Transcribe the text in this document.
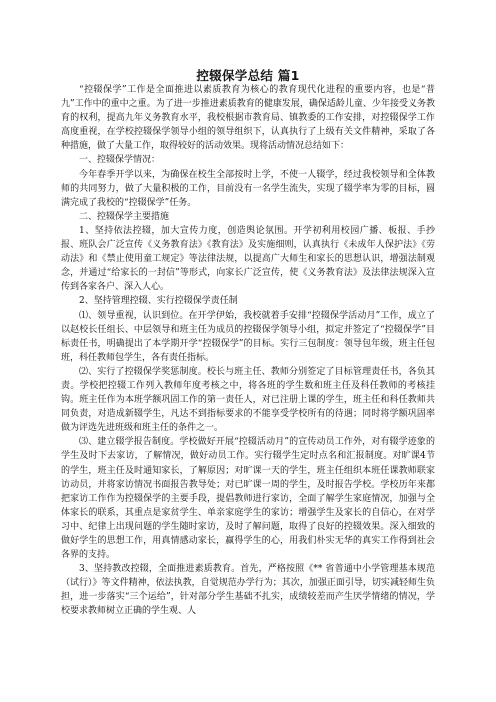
控辍保学总结 篇1

“控辍保学”工作是全面推进以素质教育为核心的教育现代化进程的重要内容，也是“普九”工作中的重中之重。为了进一步推进素质教育的健康发展，确保适龄儿童、少年接受义务教育的权利，提高九年义务教育水平，我校根据市教育局、镇教委的工作安排，对控辍保学工作高度重视，在学校控辍保学领导小组的领导组织下，认真执行了上级有关文件精神，采取了各种措施，做了大量工作，取得较好的活动效果。现将活动情况总结如下：

一、控辍保学情况：

今年春季开学以来，为确保在校生全部按时上学，不使一人辍学，经过我校领导和全体教师的共同努力，做了大量积极的工作，目前没有一名学生流失，实现了辍学率为零的目标，圆满完成了我校的“控辍保学”任务。

二、控辍保学主要措施

1、坚持依法控辍，加大宣传力度，创造舆论氛围。开学初利用校园广播、板报、手抄报、班队会广泛宣传《义务教育法》《教育法》及实施细则，认真执行《未成年人保护法》《劳动法》和《禁止使用童工规定》等法律法规，以提高广大师生和家长的思想认识，增强法制观念，并通过“给家长的一封信”等形式，向家长广泛宣传，使《义务教育法》及法律法规深入宣传到各家各户、深入人心。

2、坚持管理控辍、实行控辍保学责任制

⑴、领导重视，认识到位。在开学伊始，我校就着手安排“控辍保学活动月”工作，成立了以赵校长任组长、中层领导和班主任为成员的控辍保学领导小组，拟定并签定了“控辍保学”目标责任书，明确提出了本学期开学“控辍保学”的目标。实行三包制度：领导包年级，班主任包班，科任教师包学生，各有责任指标。

⑵、实行了控辍保学奖惩制度。校长与班主任、教师分别签定了目标管理责任书，各负其责。学校把控辍工作列入教师年度考核之中，将各班的学生数和班主任及科任教师的考核挂钩。班主任作为本班学额巩固工作的第一责任人，对已注册上课的学生，班主任和科任教师共同负责，对造成新辍学生，凡达不到指标要求的不能享受学校所有的待遇；同时将学额巩固率做为评选先进班级和班主任的条件之一。

⑶、建立辍学报告制度。学校做好开展“控辍活动月”的宣传动员工作外，对有辍学迹象的学生及时下去家访，了解情况，做好动员工作。实行辍学生定时点名和汇报制度。对旷课4节的学生，班主任及时通知家长，了解原因；对旷课一天的学生，班主任组织本班任课教师联家访动员，并将家访情况书面报告教导处；对已旷课一周的学生，及时报告学校。学校历年来都把家访工作作为控辍保学的主要手段，提倡教师进行家访，全面了解学生家庭情况，加强与全体家长的联系，其重点是家贫学生、单亲家庭学生的家访；增强学生及家长的自信心，在对学习中、纪律上出现问题的学生随时家访，及时了解问题，取得了良好的控辍效果。深入细致的做好学生的思想工作，用真情感动家长，赢得学生的心，用我们朴实无华的真实工作得到社会各界的支持。

3、坚持教改控辍，全面推进素质教育。首先，严格按照《** 省普通中小学管理基本规范（试行）》等文件精神，依法执教，自觉规范办学行为；其次，加强正面引导，切实减轻师生负担，进一步落实“三个运给”，针对部分学生基础不扎实，成绩较差而产生厌学情绪的情况，学校要求教师树立正确的学生观、人
